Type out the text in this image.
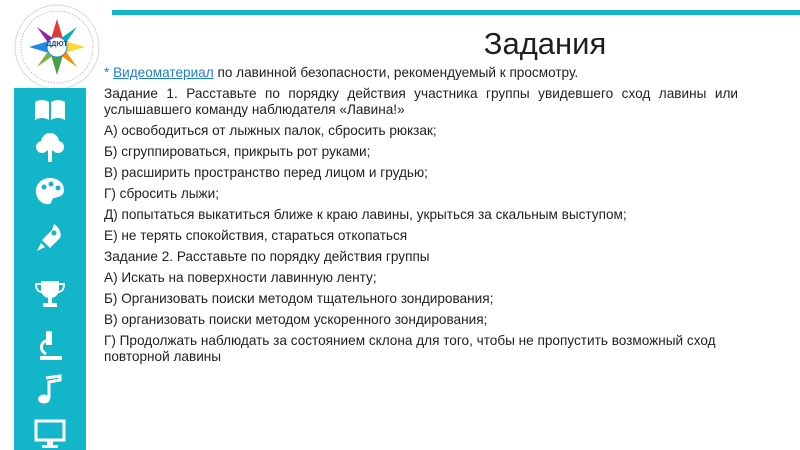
ДДЮТ	Задания

* Видеоматериал по лавинной безопасности, рекомендуемый к просмотру.

Задание 1. Расставьте по порядку действия участника группы увидевшего сход лавины или услышавшего команду наблюдателя «Лавина!»

А) освободиться от лыжных палок, сбросить рюкзак;

Б) сгруппироваться, прикрыть рот руками;

В) расширить пространство перед лицом и грудью;

Г) сбросить лыжи;

Д) попытаться выкатиться ближе к краю лавины, укрыться за скальным выступом;

Е) не терять спокойствия, стараться откопаться

Задание 2. Расставьте по порядку действия группы

А) Искать на поверхности лавинную ленту;

Б) Организовать поиски методом тщательного зондирования;

В) организовать поиски методом ускоренного зондирования;

Г) Продолжать наблюдать за состоянием склона для того, чтобы не пропустить возможный сход повторной лавины
